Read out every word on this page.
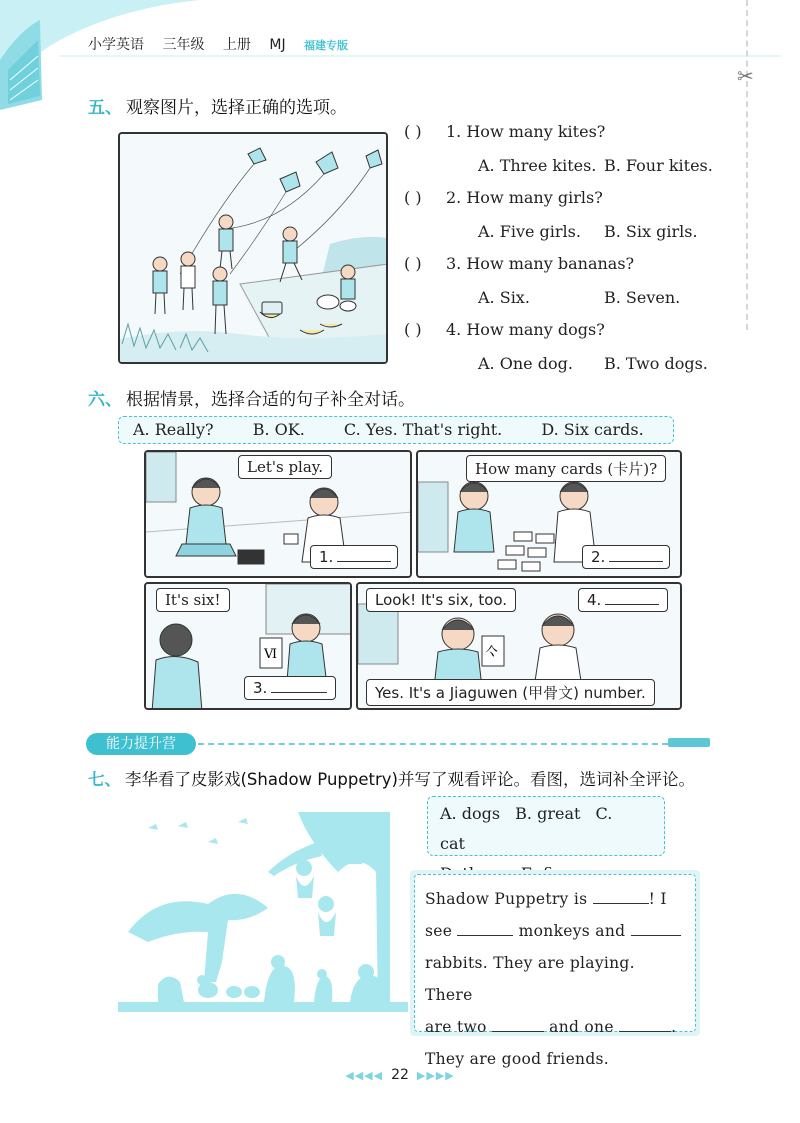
小学英语 三年级 上册 MJ 福建专版
✂
五、 观察图片，选择正确的选项。
( ) 1. How many kites?
A. Three kites. B. Four kites.
( ) 2. How many girls?
A. Five girls. B. Six girls.
( ) 3. How many bananas?
A. Six.	B. Seven.
( ) 4. How many dogs?
A. One dog. B. Two dogs.
六、 根据情景，选择合适的句子补全对话。
A. Really? B. OK. C. Yes. That's right. D. Six cards.
Let's play.
1.
How many cards (卡片)?
2.
Ⅵ
It's six!
3.
亽
Look! It's six, too.	4.
Yes. It's a Jiaguwen (甲骨文) number.
能力提升营
七、 李华看了皮影戏(Shadow Puppetry)并写了观看评论。看图，选词补全评论。
A. dogs B. great C. cat
Shadow Puppetry is	! I
see	monkeys and
rabbits. They are playing. There
are two	and one	.
They are good friends.
◀◀◀◀ 22 ▶▶▶▶
